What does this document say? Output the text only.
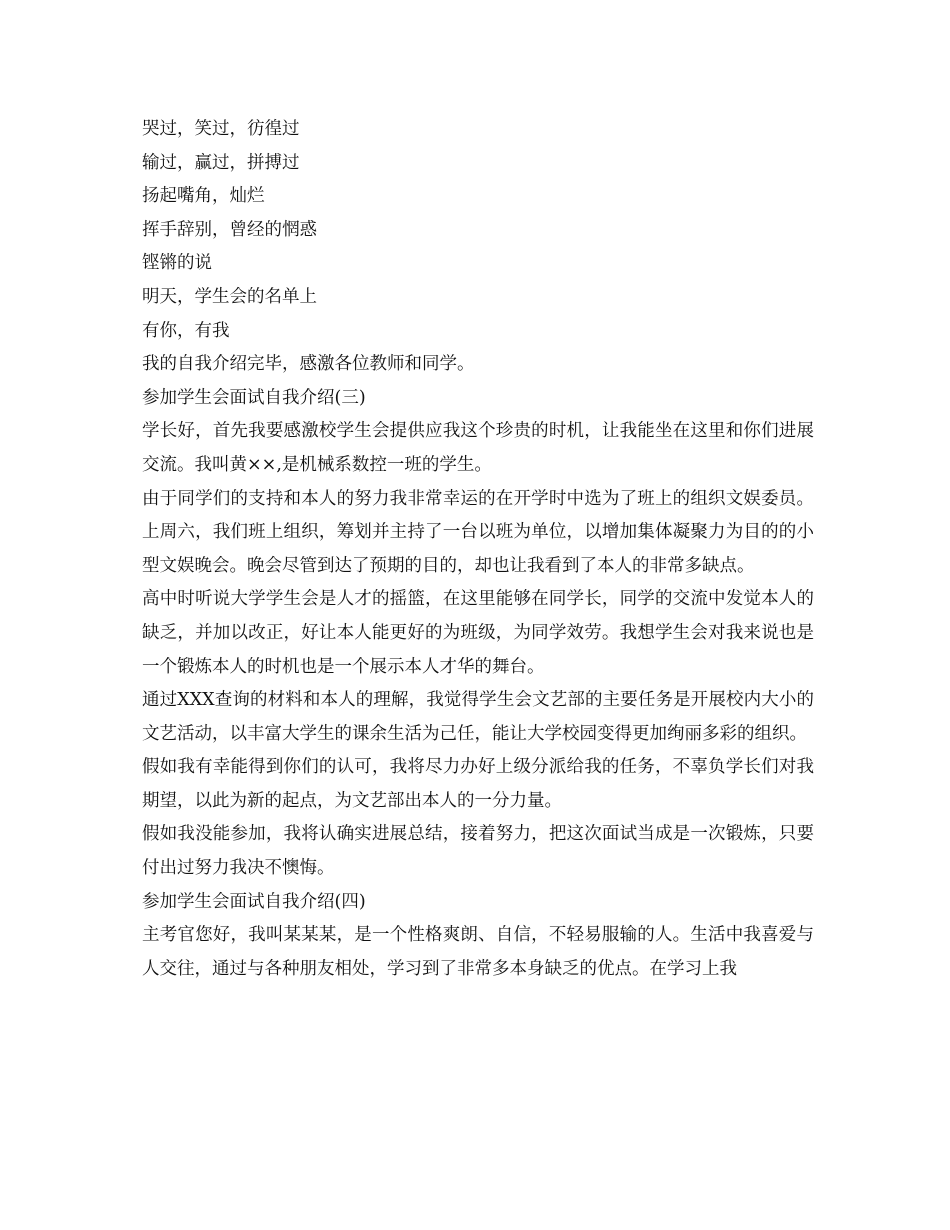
哭过，笑过，彷徨过

输过，赢过，拼搏过

扬起嘴角，灿烂

挥手辞别，曾经的惘惑

铿锵的说

明天，学生会的名单上

有你，有我

我的自我介绍完毕，感激各位教师和同学。

参加学生会面试自我介绍(三)

学长好，首先我要感激校学生会提供应我这个珍贵的时机，让我能坐在这里和你们进展交流。我叫黄××,是机械系数控一班的学生。

由于同学们的支持和本人的努力我非常幸运的在开学时中选为了班上的组织文娱委员。上周六，我们班上组织，筹划并主持了一台以班为单位，以增加集体凝聚力为目的的小型文娱晚会。晚会尽管到达了预期的目的，却也让我看到了本人的非常多缺点。

高中时听说大学学生会是人才的摇篮，在这里能够在同学长，同学的交流中发觉本人的缺乏，并加以改正，好让本人能更好的为班级，为同学效劳。我想学生会对我来说也是一个锻炼本人的时机也是一个展示本人才华的舞台。

通过XXX查询的材料和本人的理解，我觉得学生会文艺部的主要任务是开展校内大小的文艺活动，以丰富大学生的课余生活为己任，能让大学校园变得更加绚丽多彩的组织。

假如我有幸能得到你们的认可，我将尽力办好上级分派给我的任务，不辜负学长们对我期望，以此为新的起点，为文艺部出本人的一分力量。

假如我没能参加，我将认确实进展总结，接着努力，把这次面试当成是一次锻炼，只要付出过努力我决不懊悔。

参加学生会面试自我介绍(四)

主考官您好，我叫某某某，是一个性格爽朗、自信，不轻易服输的人。生活中我喜爱与人交往，通过与各种朋友相处，学习到了非常多本身缺乏的优点。在学习上我
